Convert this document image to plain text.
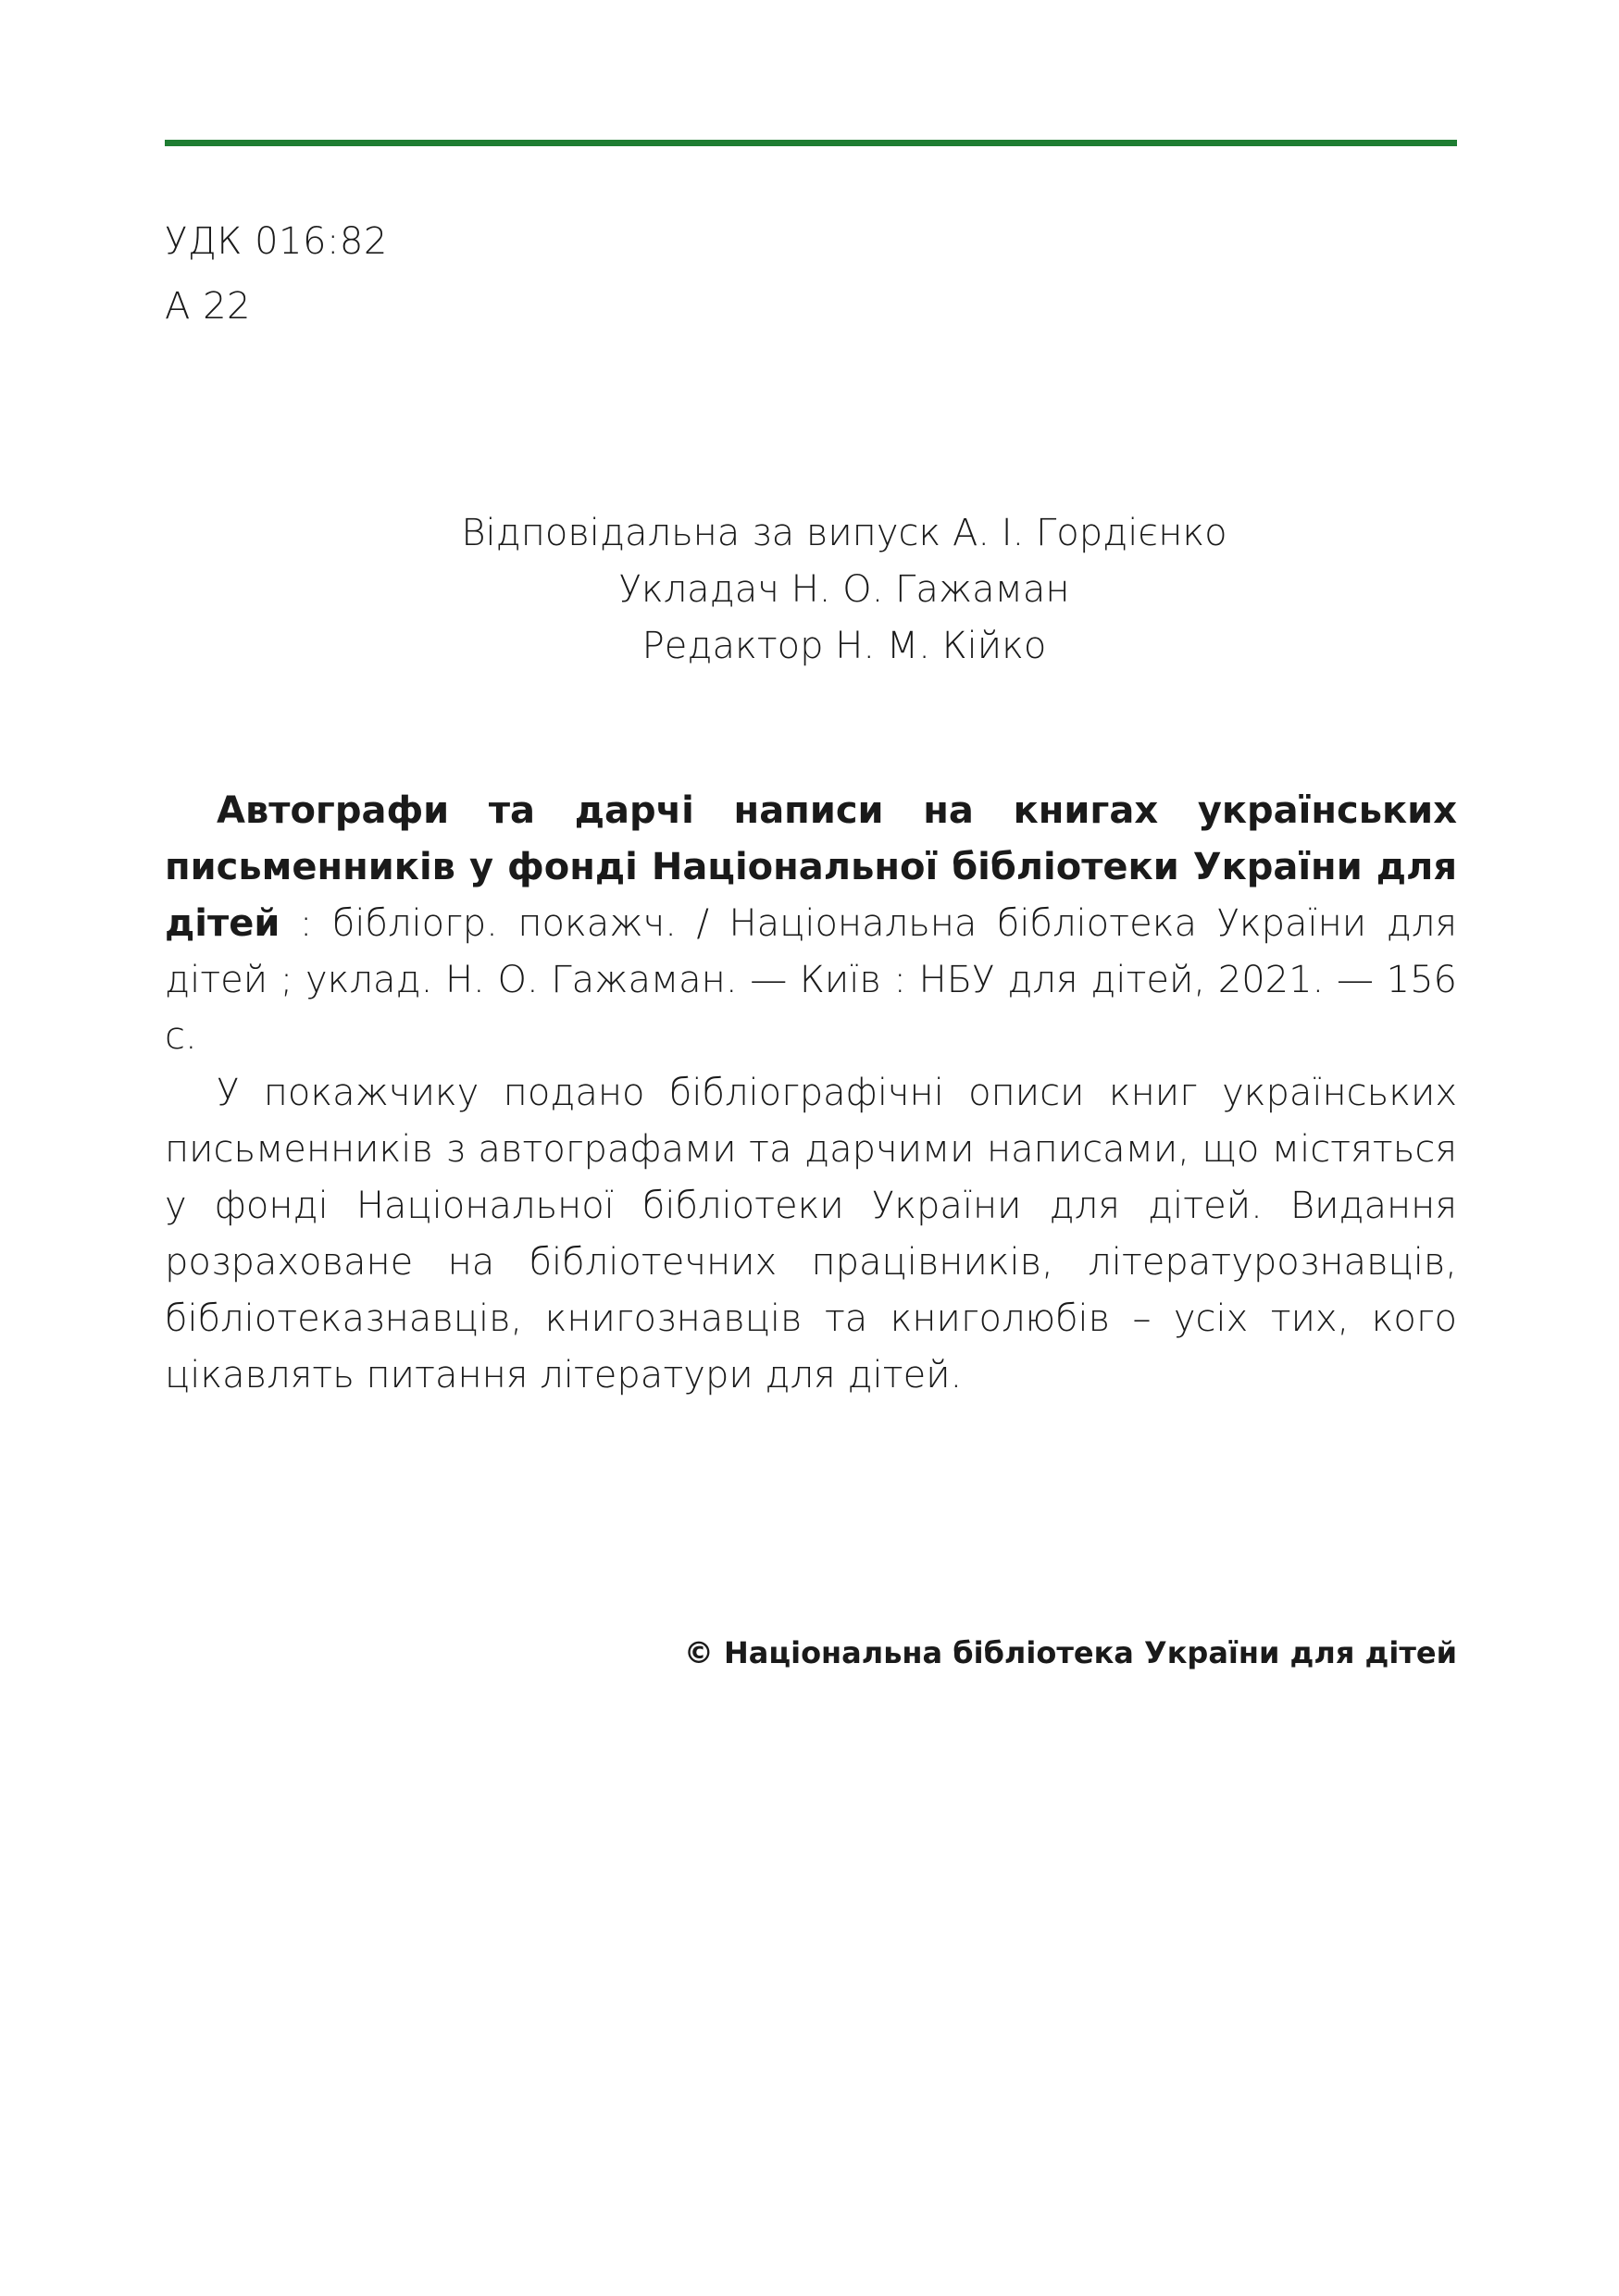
УДК 016:82
А 22
Відповідальна за випуск А. І. Гордієнко
Укладач Н. О. Гажаман
Редактор Н. М. Кійко

Автографи та дарчі написи на книгах українських письменників у фонді Національної бібліотеки України для дітей : бібліогр. покажч. / Національна бібліотека України для дітей ; уклад. Н. О. Гажаман. — Київ : НБУ для дітей, 2021. — 156 с.

У покажчику подано бібліографічні описи книг українських письменників з автографами та дарчими написами, що містяться у фонді Національної бібліотеки України для дітей. Видання розраховане на бібліотечних працівників, літературознавців, бібліотеказнавців, книгознавців та книголюбів – усіх тих, кого цікавлять питання літератури для дітей.

© Національна бібліотека України для дітей
